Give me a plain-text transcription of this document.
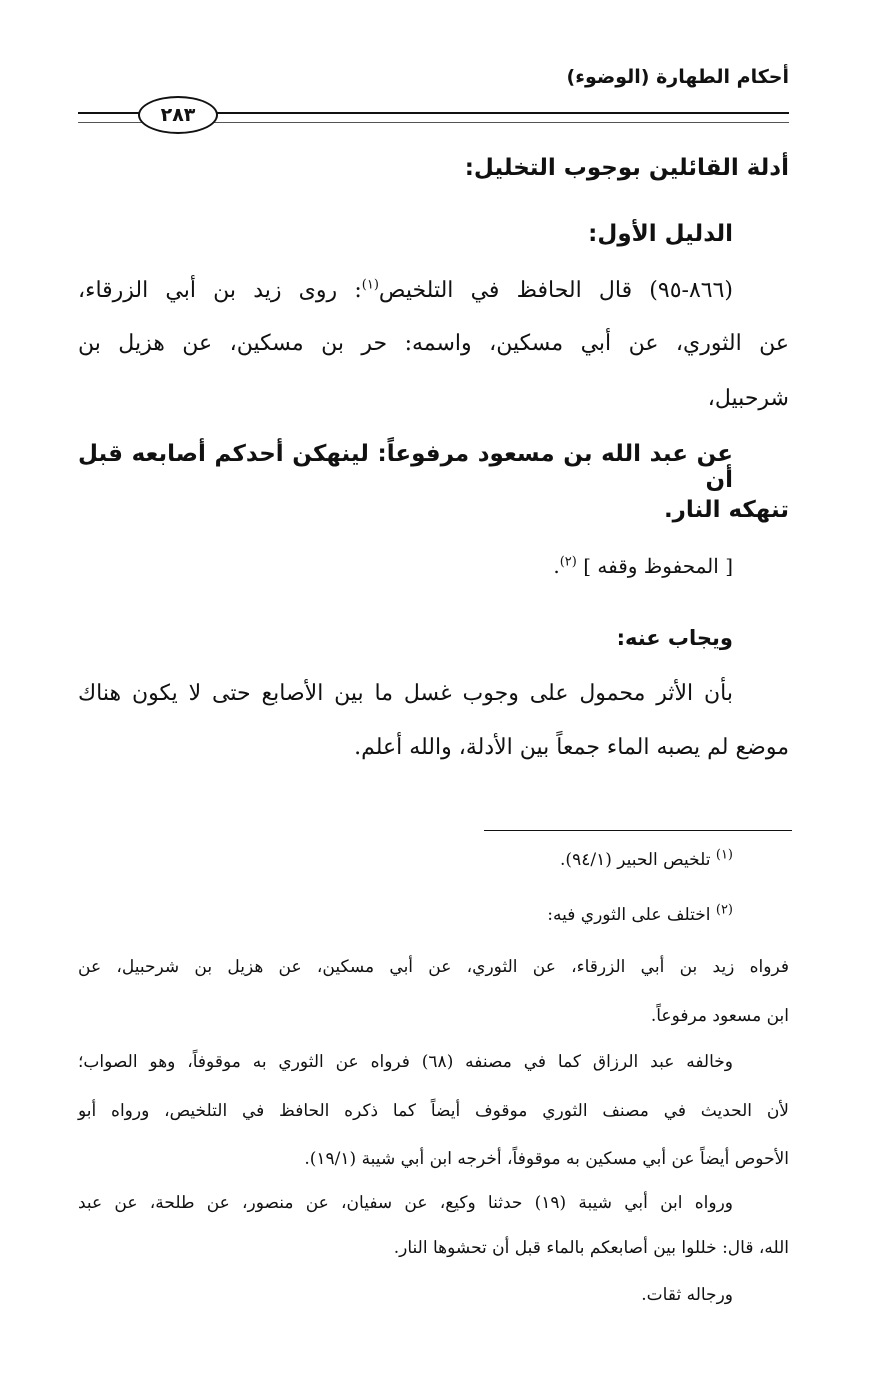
أحكام الطهارة (الوضوء)
٢٨٣
أدلة القائلين بوجوب التخليل:
الدليل الأول:
(٨٦٦-٩٥) قال الحافظ في التلخيص$^{(١)}$: روى زيد بن أبي الزرقاء،
عن الثوري، عن أبي مسكين، واسمه: حر بن مسكين، عن هزيل بن
شرحبيل،
عن عبد الله بن مسعود مرفوعاً: لينهكن أحدكم أصابعه قبل أن
تنهكه النار.
[ المحفوظ وقفه ] $^{(٢)}$.
ويجاب عنه:
بأن الأثر محمول على وجوب غسل ما بين الأصابع حتى لا يكون هناك
موضع لم يصبه الماء جمعاً بين الأدلة، والله أعلم.
$^{(١)}$ تلخيص الحبير (٩٤/١).
$^{(٢)}$ اختلف على الثوري فيه:
فرواه زيد بن أبي الزرقاء، عن الثوري، عن أبي مسكين، عن هزيل بن شرحبيل، عن
ابن مسعود مرفوعاً.
وخالفه عبد الرزاق كما في مصنفه (٦٨) فرواه عن الثوري به موقوفاً، وهو الصواب؛
لأن الحديث في مصنف الثوري موقوف أيضاً كما ذكره الحافظ في التلخيص، ورواه أبو
الأحوص أيضاً عن أبي مسكين به موقوفاً، أخرجه ابن أبي شيبة (١٩/١).
ورواه ابن أبي شيبة (١٩) حدثنا وكيع، عن سفيان، عن منصور، عن طلحة، عن عبد
الله، قال: خللوا بين أصابعكم بالماء قبل أن تحشوها النار.
ورجاله ثقات.
